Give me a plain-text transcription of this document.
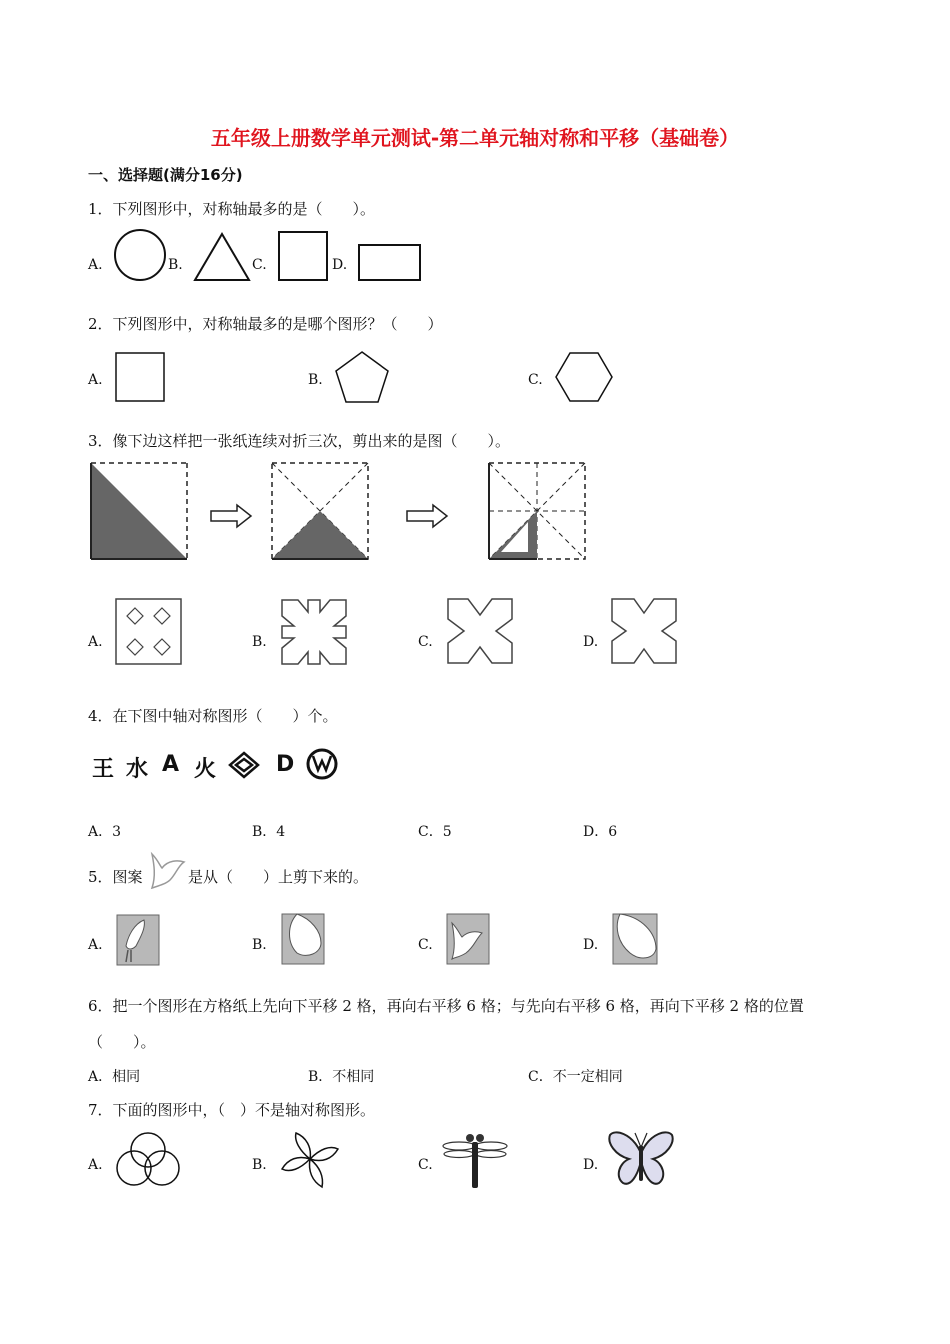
五年级上册数学单元测试-第二单元轴对称和平移（基础卷）
一、选择题(满分16分)
1．下列图形中，对称轴最多的是（　　）。
A.	B.	C.	D.
2．下列图形中，对称轴最多的是哪个图形？（　　）
A.	B.	C.
3．像下边这样把一张纸连续对折三次，剪出来的是图（　　）。
A.	B.	C.	D.
4．在下图中轴对称图形（　　）个。
王 水 A 火	D
A．3	B．4	C．5	D．6
5．图案	是从（　　）上剪下来的。
A.	B.	C.	D.
6．把一个图形在方格纸上先向下平移 2 格，再向右平移 6 格；与先向右平移 6 格，再向下平移 2 格的位置
（　　）。
A．相同	B．不相同	C．不一定相同
7．下面的图形中，（　）不是轴对称图形。
A.	B.	C.	D.
